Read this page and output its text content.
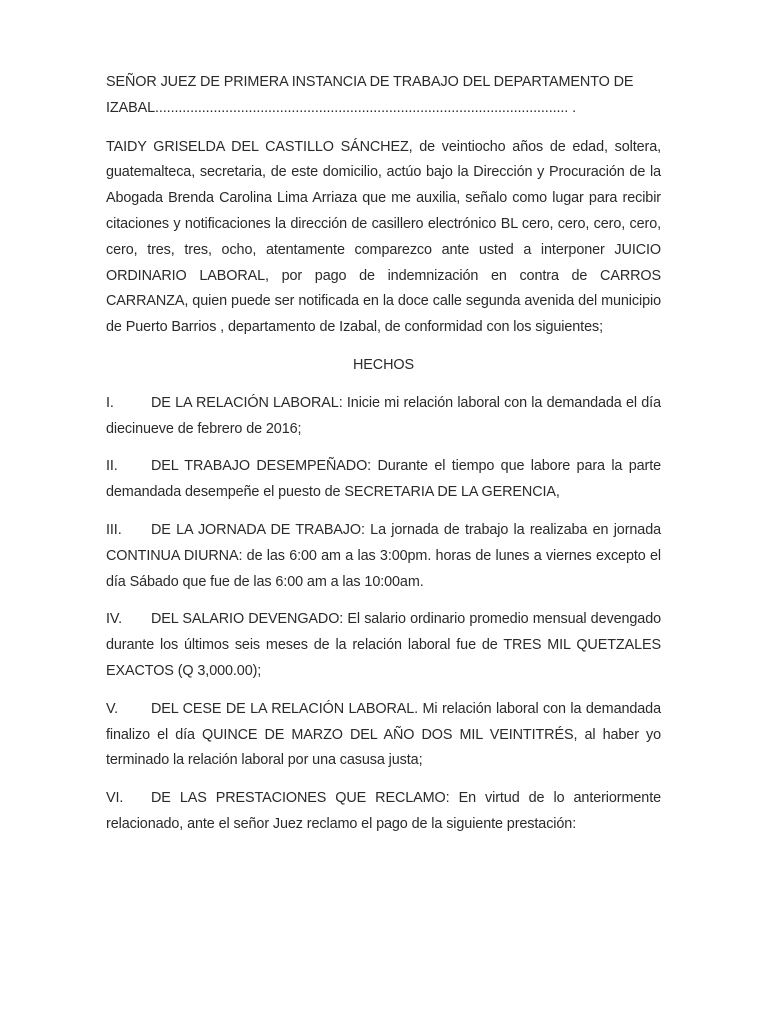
SEÑOR JUEZ DE PRIMERA INSTANCIA DE TRABAJO DEL DEPARTAMENTO DE

IZABAL.......................................................................................................... .

TAIDY GRISELDA DEL CASTILLO SÁNCHEZ, de veintiocho años de edad, soltera, guatemalteca, secretaria, de este domicilio, actúo bajo la Dirección y Procuración de la Abogada Brenda Carolina Lima Arriaza que me auxilia, señalo como lugar para recibir citaciones y notificaciones la dirección de casillero electrónico BL cero, cero, cero, cero, cero, tres, tres, ocho, atentamente comparezco ante usted a interponer JUICIO ORDINARIO LABORAL, por pago de indemnización en contra de CARROS CARRANZA, quien puede ser notificada en la doce calle segunda avenida del municipio de Puerto Barrios , departamento de Izabal, de conformidad con los siguientes;

HECHOS

I.	DE LA RELACIÓN LABORAL: Inicie mi relación laboral con la demandada el día diecinueve de febrero de 2016;

II. DEL TRABAJO DESEMPEÑADO: Durante el tiempo que labore para la parte demandada desempeñe el puesto de SECRETARIA DE LA GERENCIA,

III. DE LA JORNADA DE TRABAJO: La jornada de trabajo la realizaba en jornada CONTINUA DIURNA: de las 6:00 am a las 3:00pm. horas de lunes a viernes excepto el día Sábado que fue de las 6:00 am a las 10:00am.

IV. DEL SALARIO DEVENGADO: El salario ordinario promedio mensual devengado durante los últimos seis meses de la relación laboral fue de TRES MIL QUETZALES EXACTOS (Q 3,000.00);

V. DEL CESE DE LA RELACIÓN LABORAL. Mi relación laboral con la demandada finalizo el día QUINCE DE MARZO DEL AÑO DOS MIL VEINTITRÉS, al haber yo terminado la relación laboral por una casusa justa;

VI. DE LAS PRESTACIONES QUE RECLAMO: En virtud de lo anteriormente relacionado, ante el señor Juez reclamo el pago de la siguiente prestación:
